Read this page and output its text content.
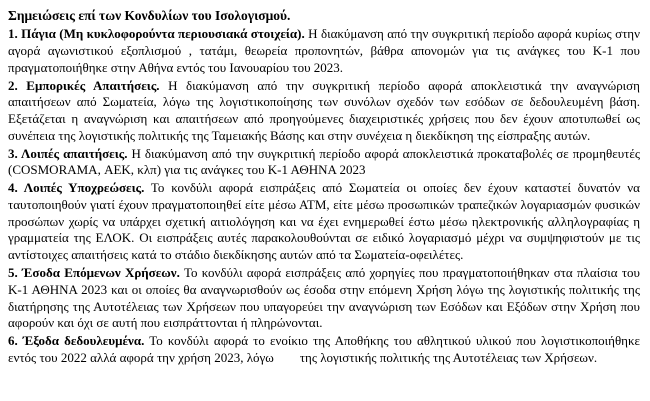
Σημειώσεις επί των Κονδυλίων του Ισολογισμού.

1. Πάγια (Μη κυκλοφορούντα περιουσιακά στοιχεία). Η διακύμανση από την συγκριτική περίοδο αφορά κυρίως στην αγορά αγωνιστικού εξοπλισμού , τατάμι, θεωρεία προπονητών, βάθρα απονομών για τις ανάγκες του Κ-1 που πραγματοποιήθηκε στην Αθήνα εντός του Ιανουαρίου του 2023.

2. Εμπορικές Απαιτήσεις. Η διακύμανση από την συγκριτική περίοδο αφορά αποκλειστικά την αναγνώριση απαιτήσεων από Σωματεία, λόγω της λογιστικοποίησης των συνόλων σχεδόν των εσόδων σε δεδουλευμένη βάση. Εξετάζεται η αναγνώριση και απαιτήσεων από προηγούμενες διαχειριστικές χρήσεις που δεν έχουν αποτυπωθεί ως συνέπεια της λογιστικής πολιτικής της Ταμειακής Βάσης και στην συνέχεια η διεκδίκηση της είσπραξης αυτών.

3. Λοιπές απαιτήσεις. Η διακύμανση από την συγκριτική περίοδο αφορά αποκλειστικά προκαταβολές σε προμηθευτές (COSMORAMA, ΑΕΚ, κλπ) για τις ανάγκες του Κ-1 ΑΘΗΝΑ 2023

4. Λοιπές Υποχρεώσεις. Το κονδύλι αφορά εισπράξεις από Σωματεία οι οποίες δεν έχουν καταστεί δυνατόν να ταυτοποιηθούν γιατί έχουν πραγματοποιηθεί είτε μέσω ΑΤΜ, είτε μέσω προσωπικών τραπεζικών λογαριασμών φυσικών προσώπων χωρίς να υπάρχει σχετική αιτιολόγηση και να έχει ενημερωθεί έστω μέσω ηλεκτρονικής αλληλογραφίας η γραμματεία της ΕΛΟΚ. Οι εισπράξεις αυτές παρακολουθούνται σε ειδικό λογαριασμό μέχρι να συμψηφιστούν με τις αντίστοιχες απαιτήσεις κατά το στάδιο διεκδίκησης αυτών από τα Σωματεία-οφειλέτες.

5. Έσοδα Επόμενων Χρήσεων. Το κονδύλι αφορά εισπράξεις από χορηγίες που πραγματοποιήθηκαν στα πλαίσια του Κ-1 ΑΘΗΝΑ 2023 και οι οποίες θα αναγνωρισθούν ως έσοδα στην επόμενη Χρήση λόγω της λογιστικής πολιτικής της διατήρησης της Αυτοτέλειας των Χρήσεων που υπαγορεύει την αναγνώριση των Εσόδων και Εξόδων στην Χρήση που αφορούν και όχι σε αυτή που εισπράττονται ή πληρώνονται.

6. Έξοδα δεδουλευμένα. Το κονδύλι αφορά το ενοίκιο της Αποθήκης του αθλητικού υλικού που λογιστικοποιήθηκε εντός του 2022 αλλά αφορά την χρήση 2023, λόγω της λογιστικής πολιτικής της Αυτοτέλειας των Χρήσεων.
